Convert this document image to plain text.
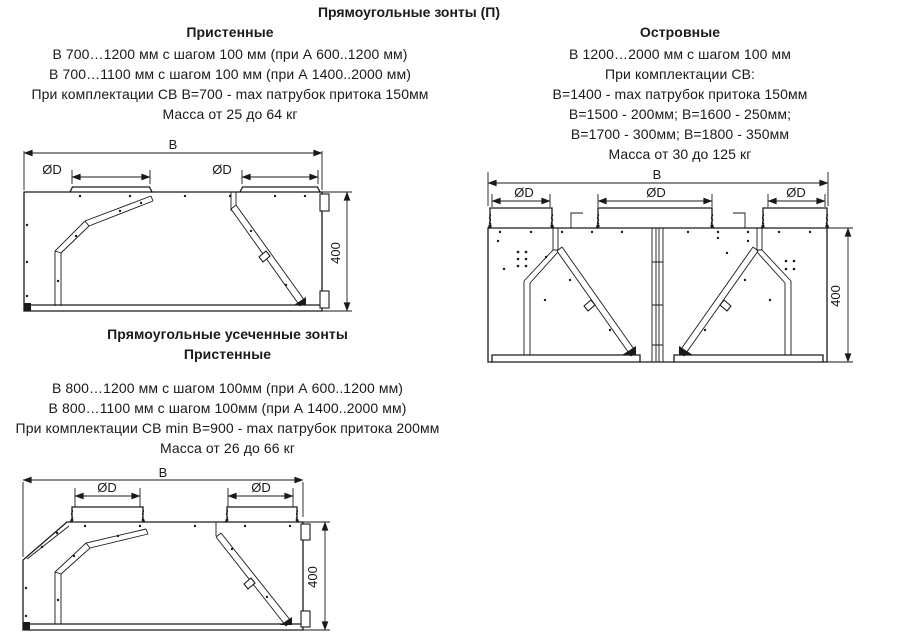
Прямоугольные зонты (П)
Пристенные
В 700…1200 мм с шагом 100 мм (при А 600..1200 мм)
В 700…1100 мм с шагом 100 мм (при А 1400..2000 мм)
При комплектации СВ В=700 - max патрубок притока 150мм
Масса от 25 до 64 кг
Островные
В 1200…2000 мм с шагом 100 мм
При комплектации СВ:
В=1400 - max патрубок притока 150мм
В=1500 - 200мм; В=1600 - 250мм;
В=1700 - 300мм; В=1800 - 350мм
Масса от 30 до 125 кг
Прямоугольные усеченные зонты
Пристенные
В 800…1200 мм с шагом 100мм (при А 600..1200 мм)
В 800…1100 мм с шагом 100мм (при А 1400..2000 мм)
При комплектации СВ min В=900 - max патрубок притока 200мм
Масса от 26 до 66 кг
B
ØD	ØD
400
В
ØD	ØD	ØD
400
В
ØD	ØD
400
